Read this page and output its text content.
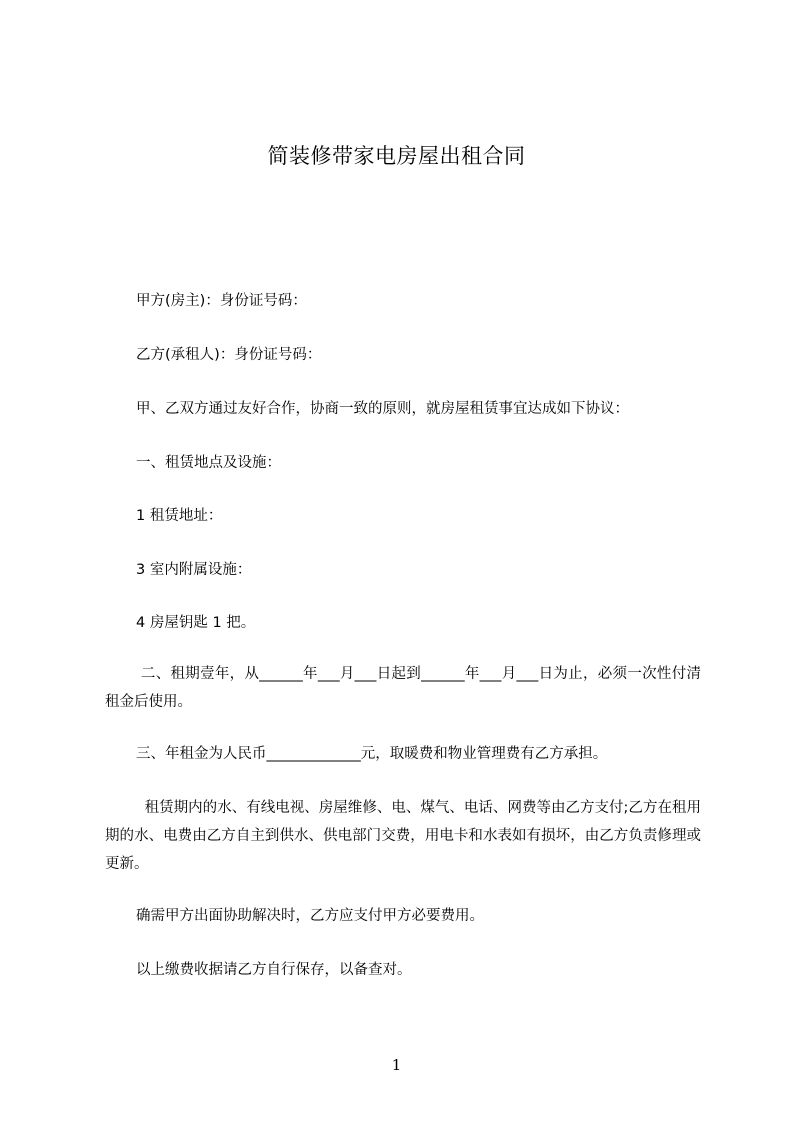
简装修带家电房屋出租合同

甲方(房主)：身份证号码：

乙方(承租人)：身份证号码：

甲、乙双方通过友好合作，协商一致的原则，就房屋租赁事宜达成如下协议：

一、租赁地点及设施：

1 租赁地址：

3 室内附属设施：

4 房屋钥匙 1 把。

二、租期壹年，从______年___月___日起到______年___月___日为止，必须一次性付清租金后使用。

三、年租金为人民币_____________元，取暖费和物业管理费有乙方承担。

租赁期内的水、有线电视、房屋维修、电、煤气、电话、网费等由乙方支付;乙方在租用期的水、电费由乙方自主到供水、供电部门交费，用电卡和水表如有损坏，由乙方负责修理或更新。

确需甲方出面协助解决时，乙方应支付甲方必要费用。

以上缴费收据请乙方自行保存，以备查对。

1
